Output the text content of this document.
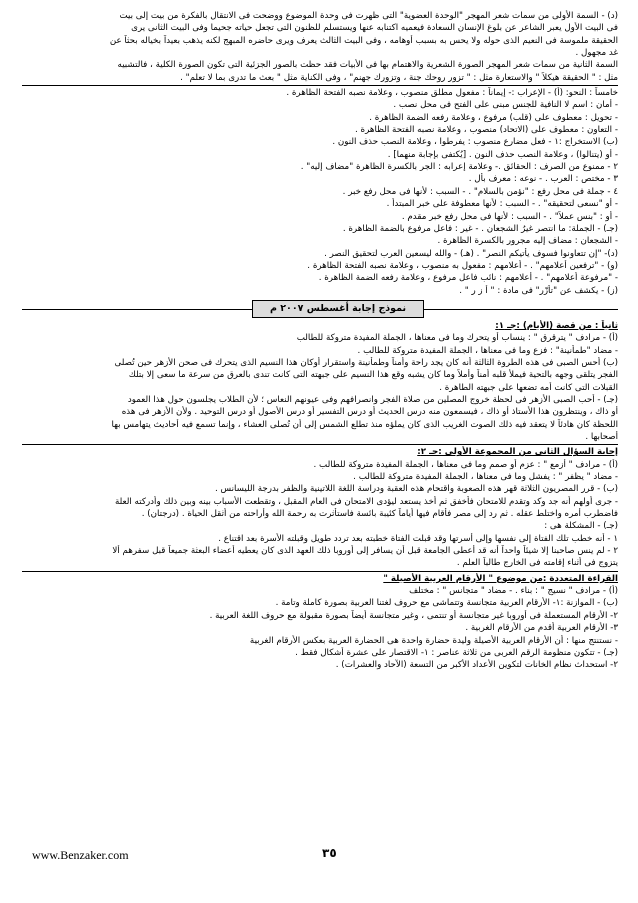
(د) - السمة الأولى من سمات شعر المهجر "الوحدة العضوية" التى ظهرت فى وحدة الموضوع ووضحت فى الانتقال بالفكرة من بيت إلى بيت
فى البيت الأول يعبر الشاعر عن بلوغ الإنسان السعادة فيعميه اكتنابه عنها ويستسلم للظنون التى تجعل حياته جحيما وفى البيت الثانى يرى
الحقيقة ملموسة فى النعيم الذى حوله ولا يحس به بسبب أوهامه ، وفى البيت الثالث يعرف ويرى حاضره المبهج لكنه يذهب بعيداً بخياله بحثاً عن
غد مجهول .
السمة الثانية من سمات شعر المهجر الصورة الشعرية والاهتمام بها فى الأبيات فقد حظت بالصور الجزئية التى تكون الصورة الكلية ، فالتشبيه
مثل : " الحقيقة هيكلاً " والاستعارة مثل : " تزور روحك جنة ، وتزورك جهنم" ، وفى الكناية مثل " بعث ما تدرى بما لا تعلم" .
خامساً : النحو: (أ) - الإعراب :- إيماناً : مفعول مطلق منصوب ، وعلامة نصبه الفتحة الظاهرة .
- أمان : اسم لا النافية للجنس مبنى على الفتح فى محل نصب .
- تحويل : معطوف على (قلب) مرفوع ، وعلامة رفعه الضمة الظاهرة .
- التعاون : معطوف على (الاتحاد) منصوب ، وعلامة نصبه الفتحة الظاهرة .
(ب) الاستخراج :١ - فعل مضارع منصوب : يفرطوا ، وعلامة النصب حذف النون .
- أو (يتنالوا) ، وعلامة النصب حذف النون . [يُكتفى بإجابة منهما] .
٢ - ممنوع من الصرف : الحقائق .- وعلامة إعرابه : الجر بالكسرة الظاهرة "مضاف إليه" .
٣ - مختص : العرب . - نوعه : معرف بأل .
٤ - جملة فى محل رفع : "نؤمن بالسلام" . - السبب : لأنها فى محل رفع خبر .
- أو "نسعى لتحقيقه" . - السبب : لأنها معطوفة على خبر المبتدأ .
- أو : "بنس عملاً" . - السبب : لأنها فى محل رفع خبر مقدم .
(جـ) - الجملة: ما انتصر غيرُ الشجعان . - غير : فاعل مرفوع بالضمة الظاهرة .
- الشجعان : مضاف إليه مجرور بالكسرة الظاهرة .
(د)- "إن تتعاونوا فسوف يأتيكم النصر" . (هـ) - والله ليسعين العرب لتحقيق النصر .
(و) - "ترفعين أعلامهم" . - أعلامهم : مفعول به منصوب ، وعلامة نصبه الفتحة الظاهرة .
- "مرفوعة أعلامهم" . - أعلامهم : نائب فاعل مرفوع ، وعلامة رفعه الضمة الظاهرة .
(ز) - يكشف عن "تأزّر" فى مادة : " أ ز ر " .
نموذج إجابة أغسطس ٢٠٠٧ م
ثانياً : من قصة (الأيام) :جـ ١:
(أ) - مرادف " يترقرق " : ينساب أو يتحرك وما فى معناها ، الجملة المفيدة متروكة للطالب
- مضاد "طمأنينة" : فزع وما فى معناها ، الجملة المفيدة متروكة للطالب .
(ب) أحس الصبى فى هذه الطروة الثالثة أنه كان يجد راحة وأمناً وطمأنينة واستقرار أوكان هذا النسيم الذى يتحرك فى صحن الأزهر حين تُصلى
الفجر يتلقى وجهه بالتحية فيملأ قلبه أمناً وأملاً وما كان يشبه وقع هذا النسيم على جبهته التى كانت تندى بالعرق من سرعة ما سعى إلا بتلك
القبلات التى كانت أمه تضعها على جبهته الطاهرة .
(جـ) - أحب الصبى الأزهر فى لحظة خروج المصلين من صلاة الفجر وانصرافهم وفى عيونهم النعاس ؛ لأن الطلاب يجلسون حول هذا العمود
أو ذاك ، وينتظرون هذا الأستاذ أو ذاك ، فيسمعون منه درس الحديث أو درس التفسير أو درس الأصول أو درس التوحيد . ولأن الأزهر فى هذه
اللحظة كان هادئاً لا يتعقد فيه ذلك الصوت الغريب الذى كان يملؤه منذ تطلع الشمس إلى أن تُصلى العشاء ، وإنما تسمع فيه أحاديث يتهامس بها
أصحابها .
إجابة السؤال الثانى من المجموعة الأولى :جـ ٢:
(أ) - مرادف " أزمع " : عزم أو صمم وما فى معناها ، الجملة المفيدة متروكة للطالب .
- مضاد " يظفر " : يفشل وما فى معناها ، الجملة المفيدة متروكة للطالب .
(ب) - قرر المصريون الثلاثة قهر هذه الصعوبة واقتحام هذه العقبة ودراسة اللغة اللاتينية والظفر بدرجة الليسانس .
- جرى أولهم أنه جد وكد وتقدم للامتحان فأخفق ثم أخذ يستعد ليؤدى الامتحان فى العام المقبل ، وتقطعت الأسباب بينه وبين ذلك وأدركته العلة
فاضطرب أمره واختلط عقله . ثم رد إلى مصر فأقام فيها أياماً كئيبة بائسة فاستأثرت به رحمة الله وأراحته من أثقل الحياة . (درجتان) .
(جـ) - المشكلة هى :
١ - أنه خطب تلك الفتاة إلى نفسها وإلى أسرتها وقد قبلت الفتاة خطبته بعد تردد طويل وقبلته الأسرة بعد اقتناع .
٢ - لم ينس صاحبنا إلا شيئاً واحداً أنه قد أعطى الجامعة قبل أن يسافر إلى أوروبا ذلك العهد الذى كان يعطيه أعضاء البعثة جميعاً قبل سفرهم ألا
يتزوج فى أثناء إقامته فى الخارج طالباً العلم .
القراءة المتعددة :من موضوع " الأرقام العربية الأصيلة "
(أ) - مرادف " نسيج " : بناء . - مضاد " متجانس " : مختلف
(ب) - الموازنة :١- الأرقام العربية متجانسة وتتماشى مع حروف لغتنا العربية بصورة كاملة وتامة .
٢- الأرقام المستعملة فى أوروبا غير متجانسة أو تنتمى ، وغير متجانسة أيضاً بصورة مقبولة مع حروف اللغة العربية .
٣- الأرقام العربية أقدم من الأرقام الغربية .
- نستنتج منها : أن الأرقام العربية الأصيلة وليدة حضارة واحدة هى الحضارة العربية بعكس الأرقام الغربية
(جـ) - تتكون منظومة الرقم العربى من ثلاثة عناصر : ١- الاقتصار على عشرة أشكال فقط .
٢- استحداث نظام الخانات لتكوين الأعداد الأكبر من التسعة (الآحاد والعشرات) .
www.Benzaker.com	٣٥
